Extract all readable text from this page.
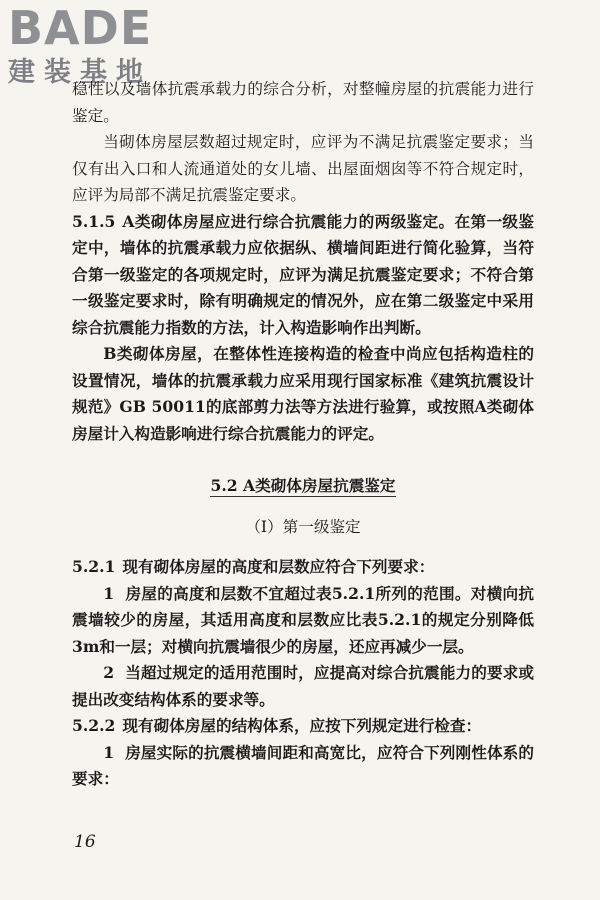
BADE
建装基地

稳性以及墙体抗震承载力的综合分析，对整幢房屋的抗震能力进行鉴定。

当砌体房屋层数超过规定时，应评为不满足抗震鉴定要求；当仅有出入口和人流通道处的女儿墙、出屋面烟囱等不符合规定时，应评为局部不满足抗震鉴定要求。

5.1.5 A类砌体房屋应进行综合抗震能力的两级鉴定。在第一级鉴定中，墙体的抗震承载力应依据纵、横墙间距进行简化验算，当符合第一级鉴定的各项规定时，应评为满足抗震鉴定要求；不符合第一级鉴定要求时，除有明确规定的情况外，应在第二级鉴定中采用综合抗震能力指数的方法，计入构造影响作出判断。

B类砌体房屋，在整体性连接构造的检查中尚应包括构造柱的设置情况，墙体的抗震承载力应采用现行国家标准《建筑抗震设计规范》GB 50011的底部剪力法等方法进行验算，或按照A类砌体房屋计入构造影响进行综合抗震能力的评定。

5.2 A类砌体房屋抗震鉴定
（Ⅰ）第一级鉴定

5.2.1 现有砌体房屋的高度和层数应符合下列要求：

1 房屋的高度和层数不宜超过表5.2.1所列的范围。对横向抗震墙较少的房屋，其适用高度和层数应比表5.2.1的规定分别降低3m和一层；对横向抗震墙很少的房屋，还应再减少一层。

2 当超过规定的适用范围时，应提高对综合抗震能力的要求或提出改变结构体系的要求等。

5.2.2 现有砌体房屋的结构体系，应按下列规定进行检查：

1 房屋实际的抗震横墙间距和高宽比，应符合下列刚性体系的要求：

16
